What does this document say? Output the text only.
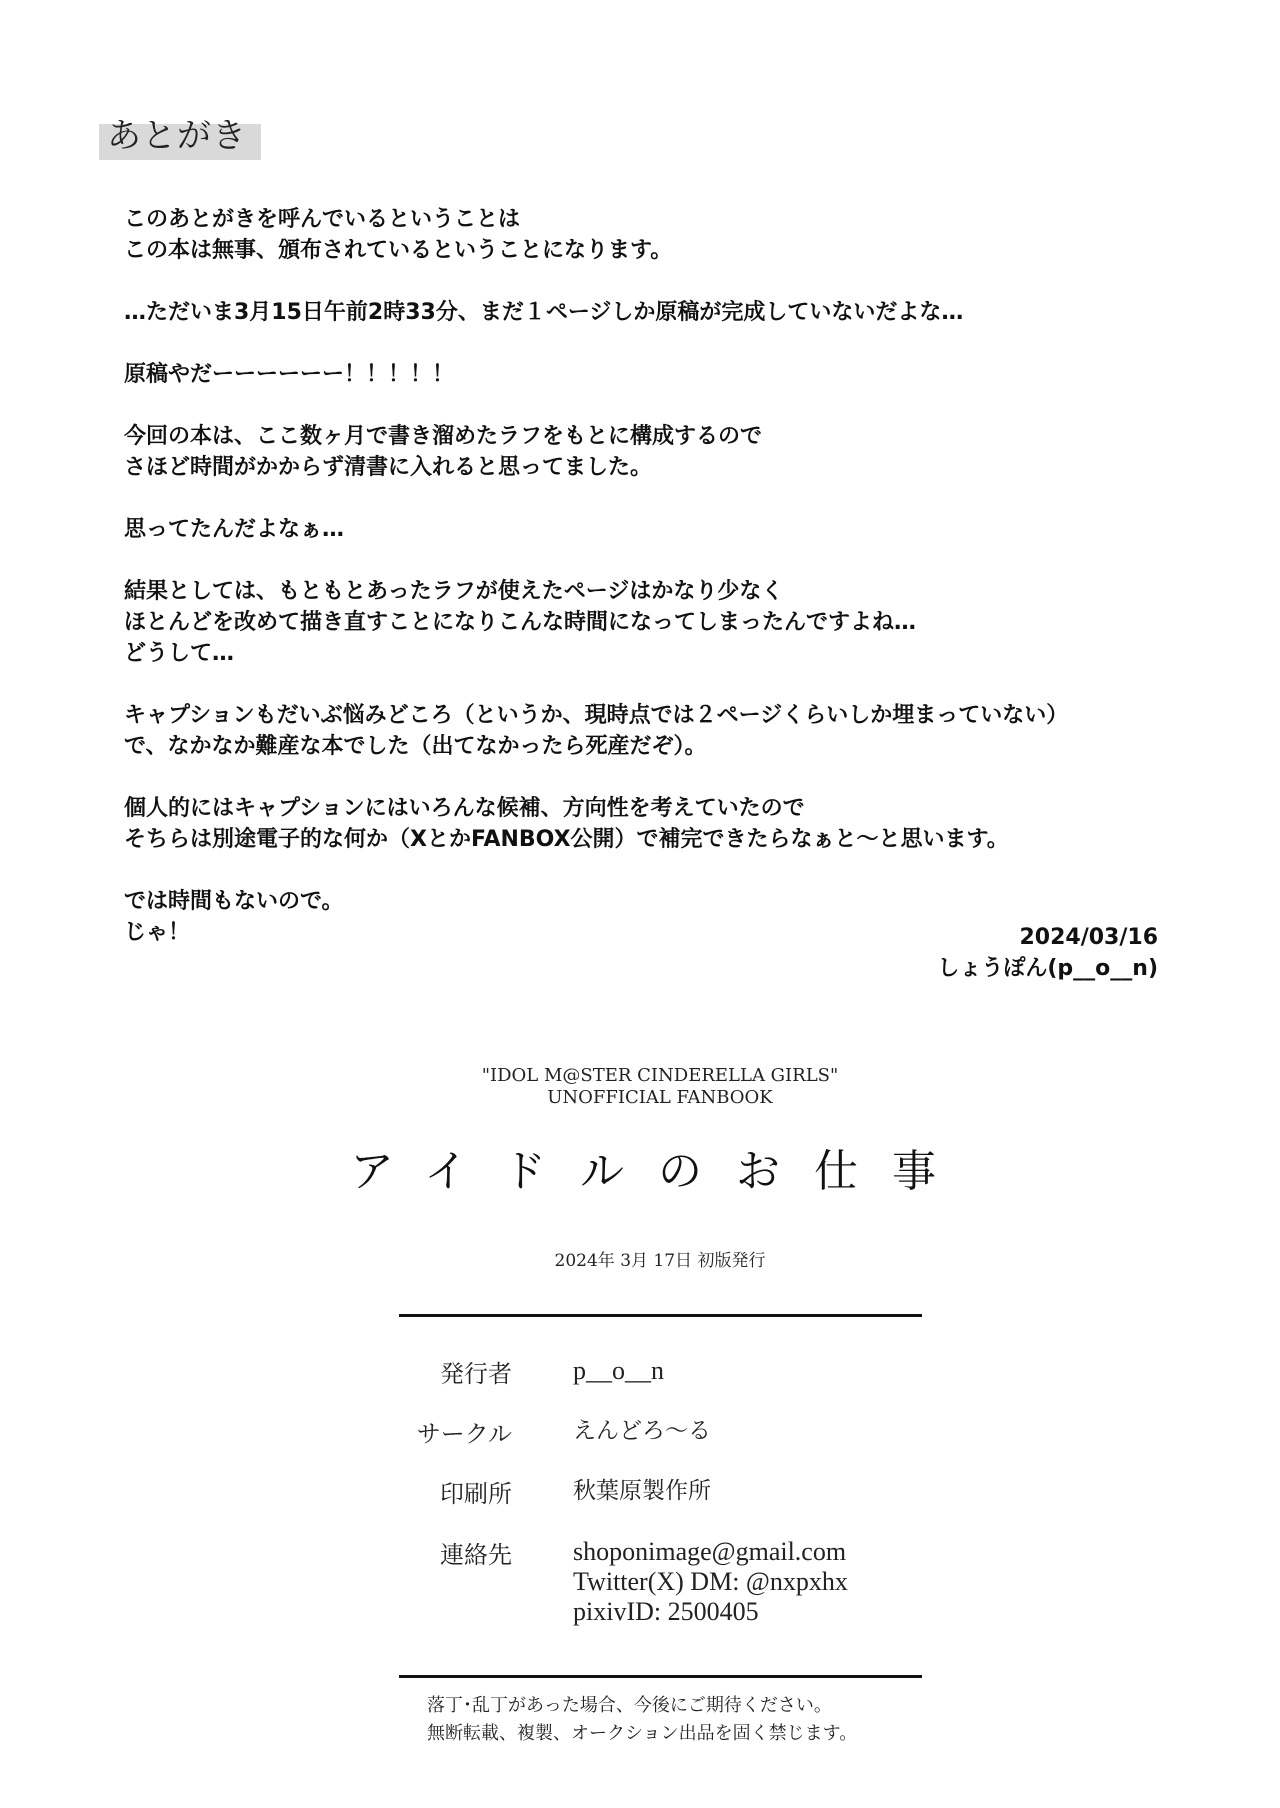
あとがき

このあとがきを呼んでいるということは
この本は無事、頒布されているということになります。

…ただいま3月15日午前2時33分、まだ１ページしか原稿が完成していないだよな…

原稿やだーーーーーー！！！！！

今回の本は、ここ数ヶ月で書き溜めたラフをもとに構成するので
さほど時間がかからず清書に入れると思ってました。

思ってたんだよなぁ…

結果としては、もともとあったラフが使えたページはかなり少なく
ほとんどを改めて描き直すことになりこんな時間になってしまったんですよね…
どうして…

キャプションもだいぶ悩みどころ（というか、現時点では２ページくらいしか埋まっていない）
で、なかなか難産な本でした（出てなかったら死産だぞ）。

個人的にはキャプションにはいろんな候補、方向性を考えていたので
そちらは別途電子的な何か（XとかFANBOX公開）で補完できたらなぁと〜と思います。

では時間もないので。
じゃ！	2024/03/16
しょうぽん(p__o__n)
"IDOL M@STER CINDERELLA GIRLS"
UNOFFICIAL FANBOOK
アイドルのお仕事
2024年 3月 17日 初版発行
発行者 p__o__n
サークル	えんどろ〜る
印刷所	秋葉原製作所
連絡先 shoponimage@gmail.com
Twitter(X) DM: @nxpxhx
pixivID: 2500405
落丁･乱丁があった場合、今後にご期待ください。
無断転載、複製、オークション出品を固く禁じます。
